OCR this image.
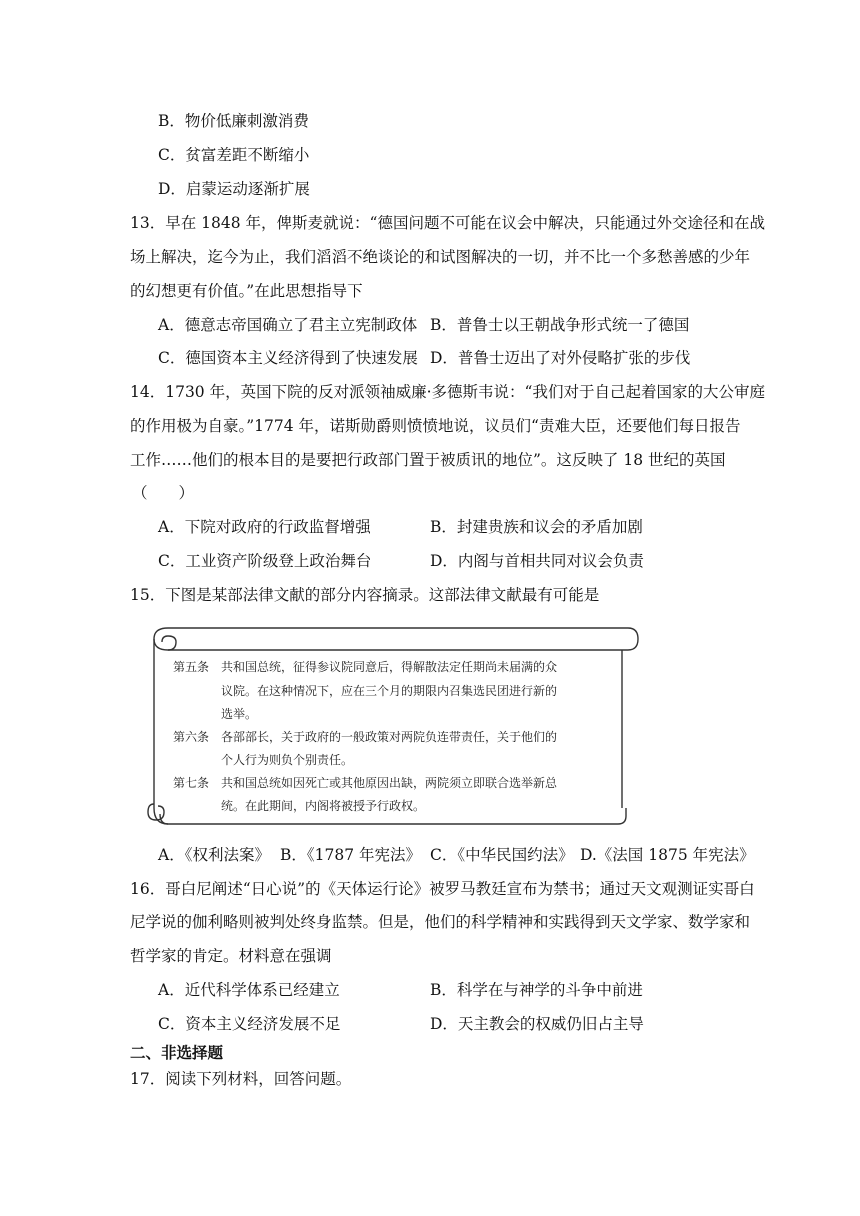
B．物价低廉刺激消费
C．贫富差距不断缩小
D．启蒙运动逐渐扩展
13．早在 1848 年，俾斯麦就说：“德国问题不可能在议会中解决，只能通过外交途径和在战
场上解决，迄今为止，我们滔滔不绝谈论的和试图解决的一切，并不比一个多愁善感的少年
的幻想更有价值。”在此思想指导下
A．德意志帝国确立了君主立宪制政体 B．普鲁士以王朝战争形式统一了德国
C．德国资本主义经济得到了快速发展 D．普鲁士迈出了对外侵略扩张的步伐
14．1730 年，英国下院的反对派领袖威廉·多德斯韦说：“我们对于自己起着国家的大公审庭
的作用极为自豪。”1774 年，诺斯勋爵则愤愤地说，议员们“责难大臣，还要他们每日报告
工作……他们的根本目的是要把行政部门置于被质讯的地位”。这反映了 18 世纪的英国
（　　）
A．下院对政府的行政监督增强	B．封建贵族和议会的矛盾加剧
C．工业资产阶级登上政治舞台	D．内阁与首相共同对议会负责
15．下图是某部法律文献的部分内容摘录。这部法律文献最有可能是
第五条 共和国总统，征得参议院同意后，得解散法定任期尚未届满的众
议院。在这种情况下，应在三个月的期限内召集选民团进行新的
选举。
第六条 各部部长，关于政府的一般政策对两院负连带责任，关于他们的
个人行为则负个别责任。
第七条 共和国总统如因死亡或其他原因出缺，两院须立即联合选举新总
统。在此期间，内阁将被授予行政权。
A．《权利法案》 B．《1787 年宪法》 C．《中华民国约法》 D.《法国 1875 年宪法》
16．哥白尼阐述“日心说”的《天体运行论》被罗马教廷宣布为禁书；通过天文观测证实哥白
尼学说的伽利略则被判处终身监禁。但是，他们的科学精神和实践得到天文学家、数学家和
哲学家的肯定。材料意在强调
A．近代科学体系已经建立	B．科学在与神学的斗争中前进
C．资本主义经济发展不足	D．天主教会的权威仍旧占主导
二、非选择题
17．阅读下列材料，回答问题。
